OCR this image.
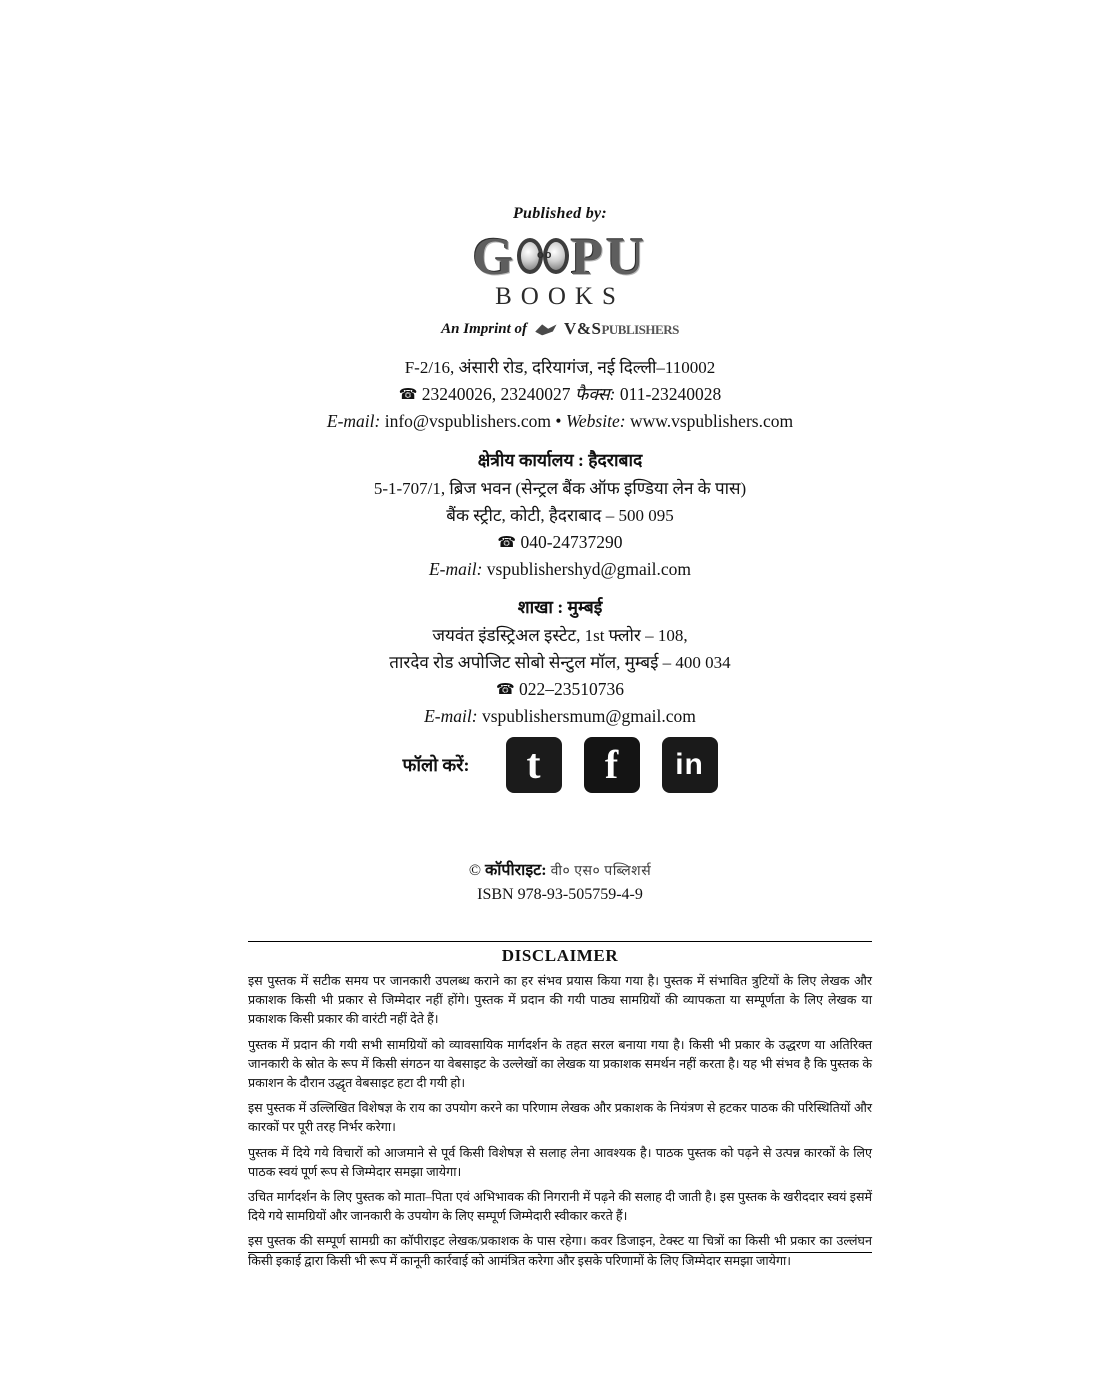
Published by:
G oo PU
BOOKS
An Imprint of V&SPUBLISHERS
F-2/16, अंसारी रोड, दरियागंज, नई दिल्ली–110002
☎ 23240026, 23240027 फैक्स: 011-23240028
E-mail: info@vspublishers.com • Website: www.vspublishers.com
क्षेत्रीय कार्यालय : हैदराबाद
5-1-707/1, ब्रिज भवन (सेन्ट्रल बैंक ऑफ इण्डिया लेन के पास)
बैंक स्ट्रीट, कोटी, हैदराबाद – 500 095
☎ 040-24737290
E-mail: vspublishershyd@gmail.com
शाखा : मुम्बई
जयवंत इंडस्ट्रिअल इस्टेट, 1st फ्लोर – 108,
तारदेव रोड अपोजिट सोबो सेन्टुल मॉल, मुम्बई – 400 034
☎ 022–23510736
E-mail: vspublishersmum@gmail.com
फॉलो करें: t f in
© कॉपीराइट: वी० एस० पब्लिशर्स
ISBN 978-93-505759-4-9
DISCLAIMER

इस पुस्तक में सटीक समय पर जानकारी उपलब्ध कराने का हर संभव प्रयास किया गया है। पुस्तक में संभावित त्रुटियों के लिए लेखक और प्रकाशक किसी भी प्रकार से जिम्मेदार नहीं होंगे। पुस्तक में प्रदान की गयी पाठ्य सामग्रियों की व्यापकता या सम्पूर्णता के लिए लेखक या प्रकाशक किसी प्रकार की वारंटी नहीं देते हैं।

पुस्तक में प्रदान की गयी सभी सामग्रियों को व्यावसायिक मार्गदर्शन के तहत सरल बनाया गया है। किसी भी प्रकार के उद्धरण या अतिरिक्त जानकारी के स्रोत के रूप में किसी संगठन या वेबसाइट के उल्लेखों का लेखक या प्रकाशक समर्थन नहीं करता है। यह भी संभव है कि पुस्तक के प्रकाशन के दौरान उद्धृत वेबसाइट हटा दी गयी हो।

इस पुस्तक में उल्लिखित विशेषज्ञ के राय का उपयोग करने का परिणाम लेखक और प्रकाशक के नियंत्रण से हटकर पाठक की परिस्थितियों और कारकों पर पूरी तरह निर्भर करेगा।

पुस्तक में दिये गये विचारों को आजमाने से पूर्व किसी विशेषज्ञ से सलाह लेना आवश्यक है। पाठक पुस्तक को पढ़ने से उत्पन्न कारकों के लिए पाठक स्वयं पूर्ण रूप से जिम्मेदार समझा जायेगा।

उचित मार्गदर्शन के लिए पुस्तक को माता–पिता एवं अभिभावक की निगरानी में पढ़ने की सलाह दी जाती है। इस पुस्तक के खरीददार स्वयं इसमें दिये गये सामग्रियों और जानकारी के उपयोग के लिए सम्पूर्ण जिम्मेदारी स्वीकार करते हैं।

इस पुस्तक की सम्पूर्ण सामग्री का कॉपीराइट लेखक/प्रकाशक के पास रहेगा। कवर डिजाइन, टेक्स्ट या चित्रों का किसी भी प्रकार का उल्लंघन किसी इकाई द्वारा किसी भी रूप में कानूनी कार्रवाई को आमंत्रित करेगा और इसके परिणामों के लिए जिम्मेदार समझा जायेगा।
